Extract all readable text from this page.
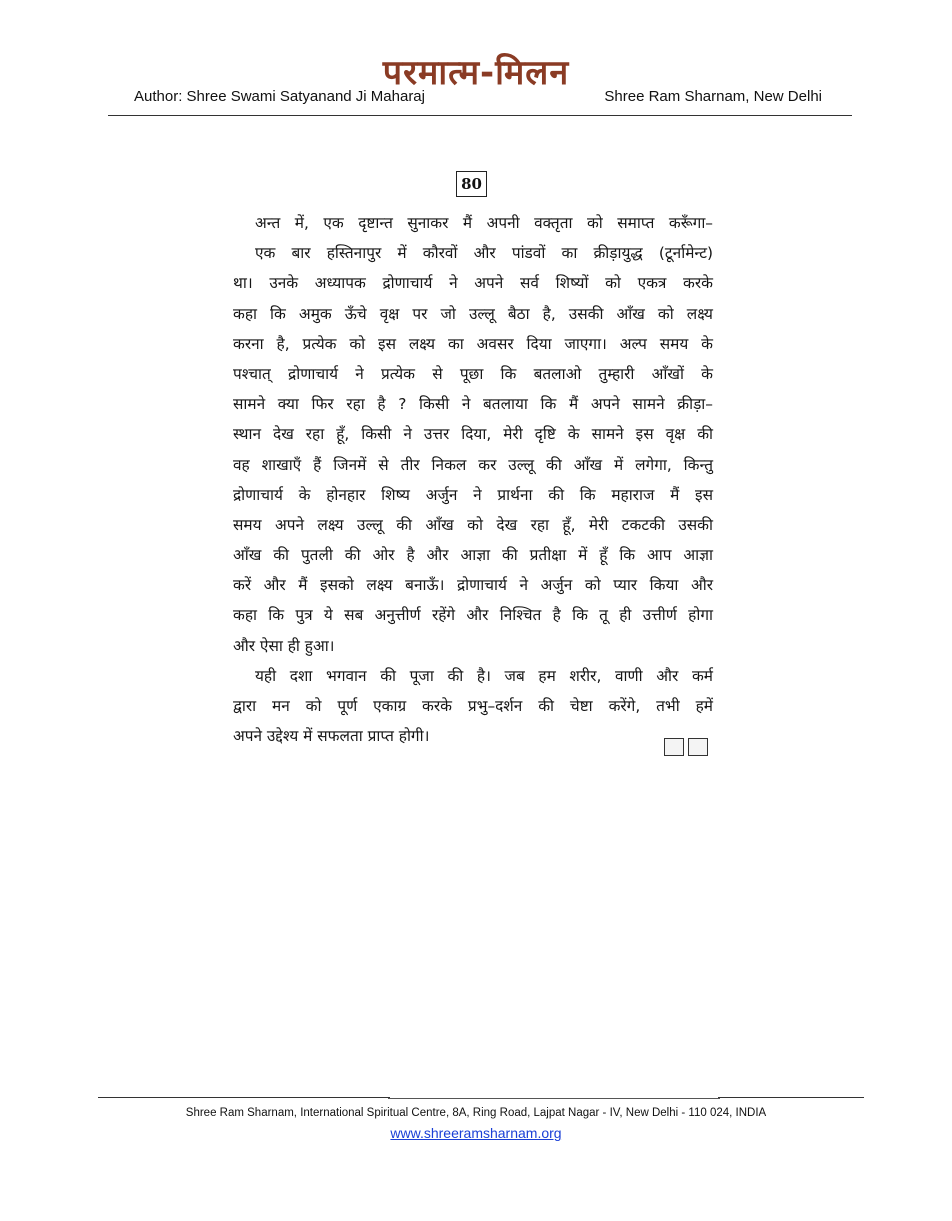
परमात्म-मिलन
Author: Shree Swami Satyanand Ji Maharaj	Shree Ram Sharnam, New Delhi
80
अन्त में, एक दृष्टान्त सुनाकर मैं अपनी वक्तृता को समाप्त करूँगा–
एक बार हस्तिनापुर में कौरवों और पांडवों का क्रीड़ायुद्ध (टूर्नामेन्ट)
था। उनके अध्यापक द्रोणाचार्य ने अपने सर्व शिष्यों को एकत्र करके
कहा कि अमुक ऊँचे वृक्ष पर जो उल्लू बैठा है, उसकी आँख को लक्ष्य
करना है, प्रत्येक को इस लक्ष्य का अवसर दिया जाएगा। अल्प समय के
पश्चात् द्रोणाचार्य ने प्रत्येक से पूछा कि बतलाओ तुम्हारी आँखों के
सामने क्या फिर रहा है ? किसी ने बतलाया कि मैं अपने सामने क्रीड़ा–
स्थान देख रहा हूँ, किसी ने उत्तर दिया, मेरी दृष्टि के सामने इस वृक्ष की
वह शाखाएँ हैं जिनमें से तीर निकल कर उल्लू की आँख में लगेगा, किन्तु
द्रोणाचार्य के होनहार शिष्य अर्जुन ने प्रार्थना की कि महाराज मैं इस
समय अपने लक्ष्य उल्लू की आँख को देख रहा हूँ, मेरी टकटकी उसकी
आँख की पुतली की ओर है और आज्ञा की प्रतीक्षा में हूँ कि आप आज्ञा
करें और मैं इसको लक्ष्य बनाऊँ। द्रोणाचार्य ने अर्जुन को प्यार किया और
कहा कि पुत्र ये सब अनुत्तीर्ण रहेंगे और निश्चित है कि तू ही उत्तीर्ण होगा
और ऐसा ही हुआ।
यही दशा भगवान की पूजा की है। जब हम शरीर, वाणी और कर्म
द्वारा मन को पूर्ण एकाग्र करके प्रभु–दर्शन की चेष्टा करेंगे, तभी हमें
अपने उद्देश्य में सफलता प्राप्त होगी।
Shree Ram Sharnam, International Spiritual Centre, 8A, Ring Road, Lajpat Nagar - IV, New Delhi - 110 024, INDIA
www.shreeramsharnam.org
